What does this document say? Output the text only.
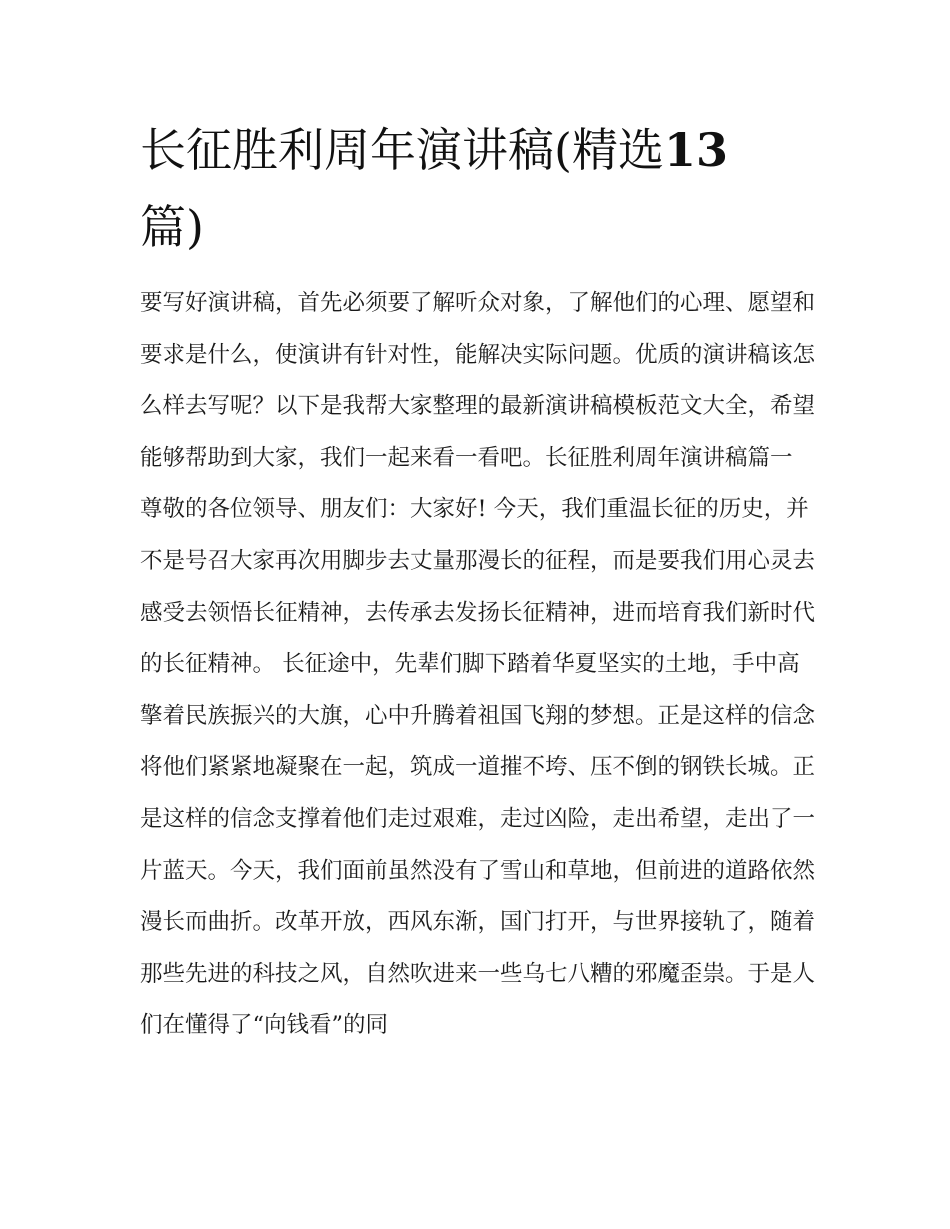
长征胜利周年演讲稿(精选13
篇)

要写好演讲稿，首先必须要了解听众对象，了解他们的心理、愿望和要求是什么，使演讲有针对性，能解决实际问题。优质的演讲稿该怎么样去写呢？以下是我帮大家整理的最新演讲稿模板范文大全，希望能够帮助到大家，我们一起来看一看吧。长征胜利周年演讲稿篇一 尊敬的各位领导、朋友们：大家好! 今天，我们重温长征的历史，并不是号召大家再次用脚步去丈量那漫长的征程，而是要我们用心灵去感受去领悟长征精神，去传承去发扬长征精神，进而培育我们新时代的长征精神。 长征途中，先辈们脚下踏着华夏坚实的土地，手中高擎着民族振兴的大旗，心中升腾着祖国飞翔的梦想。正是这样的信念将他们紧紧地凝聚在一起，筑成一道摧不垮、压不倒的钢铁长城。正是这样的信念支撑着他们走过艰难，走过凶险，走出希望，走出了一片蓝天。今天，我们面前虽然没有了雪山和草地，但前进的道路依然漫长而曲折。改革开放，西风东渐，国门打开，与世界接轨了，随着那些先进的科技之风，自然吹进来一些乌七八糟的邪魔歪祟。于是人们在懂得了“向钱看”的同
